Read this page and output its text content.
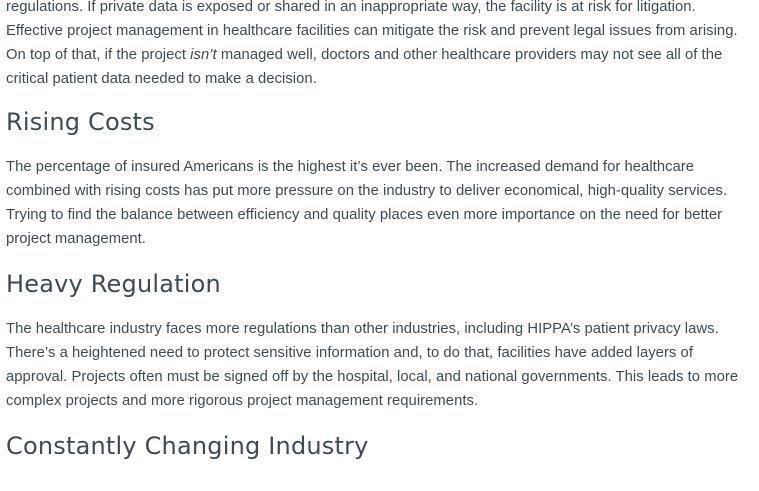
regulations. If private data is exposed or shared in an inappropriate way, the facility is at risk for litigation. Effective project management in healthcare facilities can mitigate the risk and prevent legal issues from arising. On top of that, if the project isn’t managed well, doctors and other healthcare providers may not see all of the critical patient data needed to make a decision.

Rising Costs

The percentage of insured Americans is the highest it’s ever been. The increased demand for healthcare combined with rising costs has put more pressure on the industry to deliver economical, high-quality services. Trying to find the balance between efficiency and quality places even more importance on the need for better project management.

Heavy Regulation

The healthcare industry faces more regulations than other industries, including HIPPA’s patient privacy laws. There’s a heightened need to protect sensitive information and, to do that, facilities have added layers of approval. Projects often must be signed off by the hospital, local, and national governments. This leads to more complex projects and more rigorous project management requirements.

Constantly Changing Industry
